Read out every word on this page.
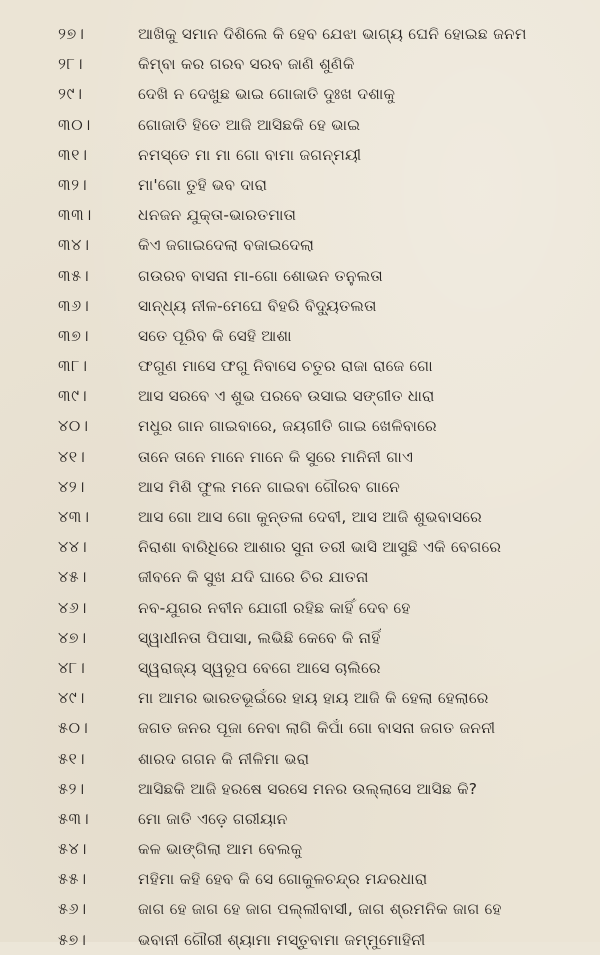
୨୭।	ଆଖିକୁ ସମାନ ଦିଶିଲେ କି ହେବ ଯେଝା ଭାଗ୍ୟ ଘେନି ହୋଇଛ ଜନମ
୨୮।	କିମ୍ବା କର ଗରବ ସରବ ଜାଣି ଶୁଣିକି
୨୯।	ଦେଖି ନ ଦେଖୁଛ ଭାଇ ଗୋଜାତି ଦୁଃଖ ଦଶାକୁ
୩୦।	ଗୋଜାତି ହିତେ ଆଜି ଆସିଛକି ହେ ଭାଇ
୩୧।	ନମସ୍ତେ ମା ମା ଗୋ ବାମା ଜଗନ୍ମୟୀ
୩୨।	ମା'ଗୋ ତୁହି ଭବ ଦାରା
୩୩।	ଧନଜନ ଯୁକ୍ତା-ଭାରତମାତା
୩୪।	କିଏ ଜଗାଇଦେଲା ବଜାଇଦେଲା
୩୫।	ଗଉରବ ବାସନା ମା-ଗୋ ଶୋଭନ ତନୁଲତା
୩୬।	ସାନ୍ଧ୍ୟ ନୀଳ-ମେଘେ ବିହରି ବିଦ୍ୟୁତଲତା
୩୭।	ସତେ ପୂରିବ କି ସେହି ଆଶା
୩୮।	ଫଗୁଣ ମାସେ ଫଗୁ ନିବାସେ ଚତୁର ରାଜା ରାଜେ ଗୋ
୩୯।	ଆସ ସରବେ ଏ ଶୁଭ ପରବେ ଉସାଇ ସଙ୍ଗୀତ ଧାରା
୪୦।	ମଧୁର ଗାନ ଗାଇବାରେ, ଜୟଗୀତି ଗାଇ ଖେଳିବାରେ
୪୧।	ତାନେ ତାନେ ମାନେ ମାନେ କି ସୁରେ ମାନିନୀ ଗାଏ
୪୨।	ଆସ ମିଶି ଫୁଲ ମନେ ଗାଇବା ଗୌରବ ଗାନେ
୪୩।	ଆସ ଗୋ ଆସ ଗୋ କୁନ୍ତଳା ଦେବୀ, ଆସ ଆଜି ଶୁଭବାସରେ
୪୪।	ନିରାଶା ବାରିଧିରେ ଆଶାର ସୁନା ତରୀ ଭାସି ଆସୁଛି ଏକି ବେଗରେ
୪୫।	ଜୀବନେ କି ସୁଖ ଯଦି ଘାରେ ଚିର ଯାତନା
୪୬।	ନବ-ଯୁଗର ନବୀନ ଯୋଗୀ ରହିଛ କାହିଁ ଦେବ ହେ
୪୭।	ସ୍ୱାଧୀନତା ପିପାସା, ଲଭିଛି କେବେ କି ନାହିଁ
୪୮।	ସ୍ୱରାଜ୍ୟ ସ୍ୱରୂପ ବେଗେ ଆସେ ଚାଲିରେ
୪୯।	ମା ଆମର ଭାରତଭୂଇଁରେ ହାୟ ହାୟ ଆଜି କି ହେଲା ହେଲାରେ
୫୦।	ଜଗତ ଜନର ପୂଜା ନେବା ଲାଗି କିପାଁ ଗୋ ବାସନା ଜଗତ ଜନନୀ
୫୧।	ଶାରଦ ଗଗନ କି ନୀଳିମା ଭରା
୫୨।	ଆସିଛକି ଆଜି ହରଷେ ସରସେ ମନର ଉଲ୍ଲାସେ ଆସିଛ କି?
୫୩।	ମୋ ଜାତି ଏଡ଼େ ଗରୀୟାନ
୫୪।	କଳ ଭାଙ୍ଗିଲା ଆମ ବେଲକୁ
୫୫।	ମହିମା କହି ହେବ କି ସେ ଗୋକୁଳଚନ୍ଦ୍ର ମନ୍ଦରଧାରା
୫୬।	ଜାଗ ହେ ଜାଗ ହେ ଜାଗ ପଲ୍ଲୀବାସୀ, ଜାଗ ଶ୍ରମନିକ ଜାଗ ହେ
୫୭।	ଭବାନୀ ଗୌରୀ ଶ୍ୟାମା ମସ୍ତୁବାମା ଜମ୍ମୁମୋହିନୀ
